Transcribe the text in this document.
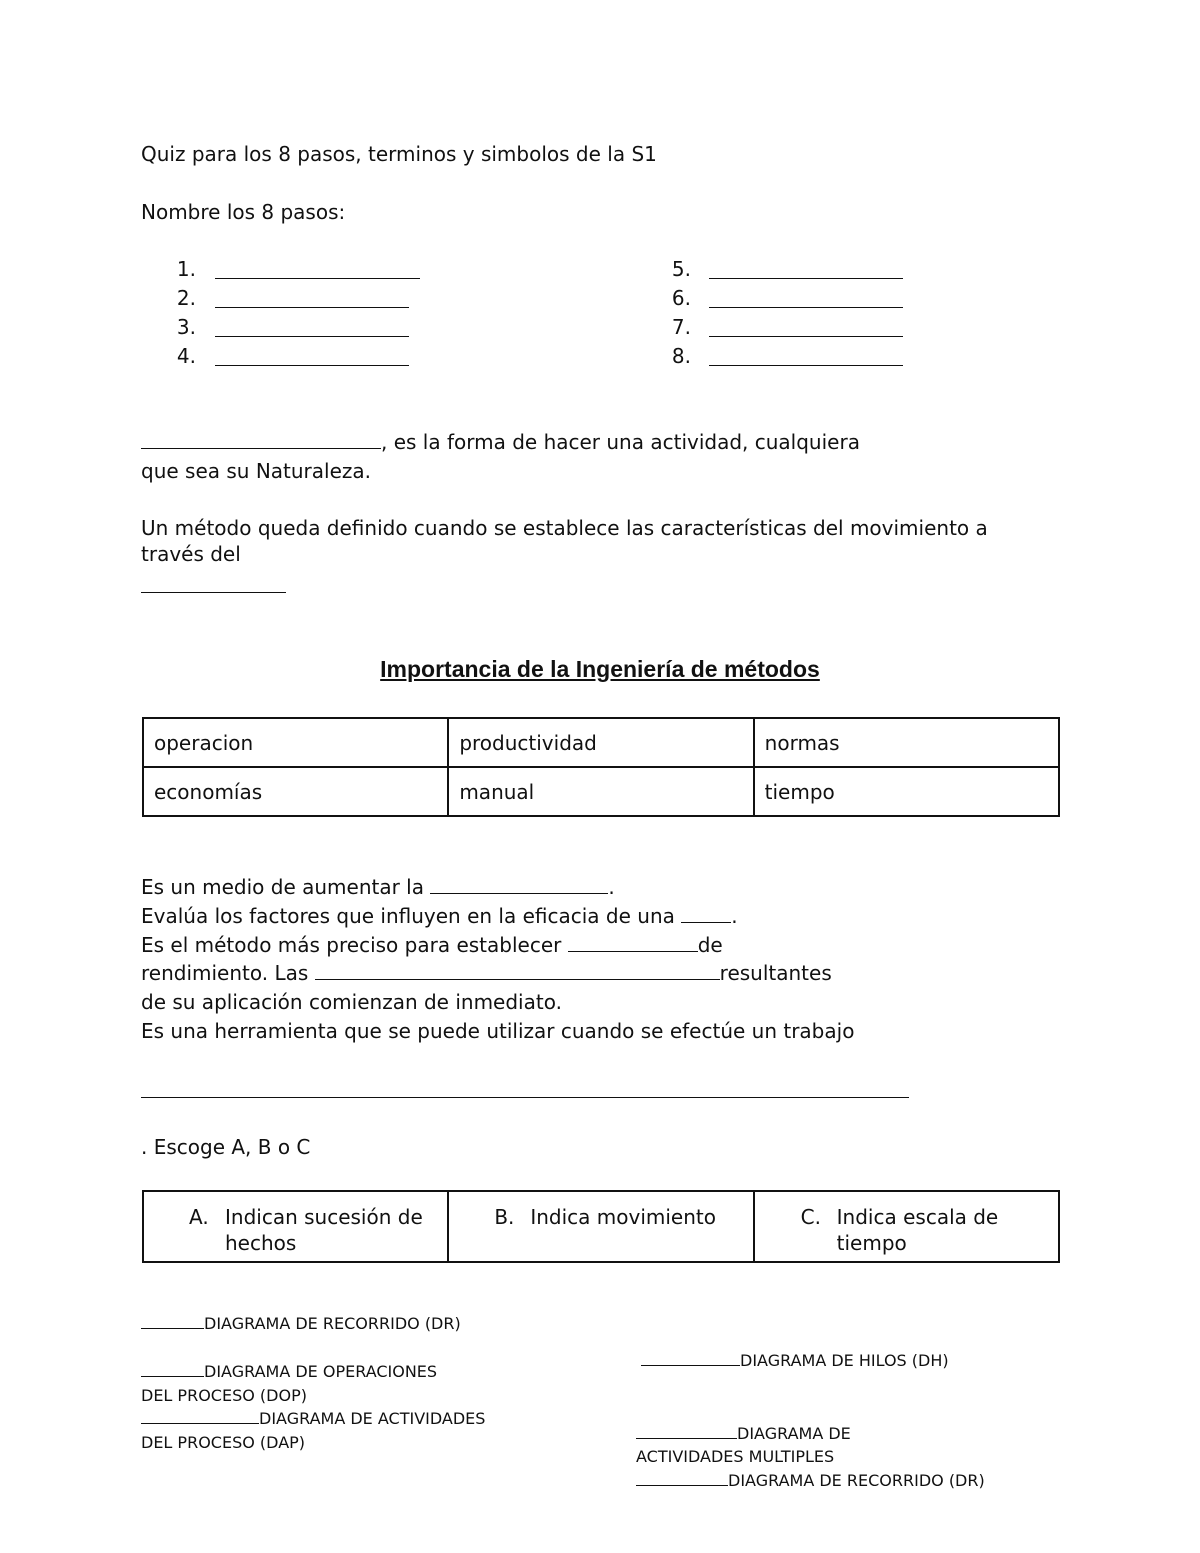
Quiz para los 8 pasos, terminos y simbolos de la S1
Nombre los 8 pasos:
1.
2.
3.
4.
5.
6.
7.
8.
, es la forma de hacer una actividad, cualquiera
que sea su Naturaleza.
Un método queda definido cuando se establece las características del movimiento a
través del
Importancia de la Ingeniería de métodos
operacion	productividad	normas
economías	manual	tiempo
Es un medio de aumentar la	.
Evalúa los factores que influyen en la eficacia de una	.
Es el método más preciso para establecer	de
rendimiento. Las	resultantes
de su aplicación comienzan de inmediato.
Es una herramienta que se puede utilizar cuando se efectúe un trabajo
. Escoge A, B o C
A. Indican sucesión de
hechos

B. Indica movimiento	C. Indica escala de
tiempo
DIAGRAMA DE RECORRIDO (DR)
DIAGRAMA DE OPERACIONES
DEL PROCESO (DOP)
DIAGRAMA DE ACTIVIDADES
DEL PROCESO (DAP)
DIAGRAMA DE HILOS (DH)
DIAGRAMA DE
ACTIVIDADES MULTIPLES
DIAGRAMA DE RECORRIDO (DR)
